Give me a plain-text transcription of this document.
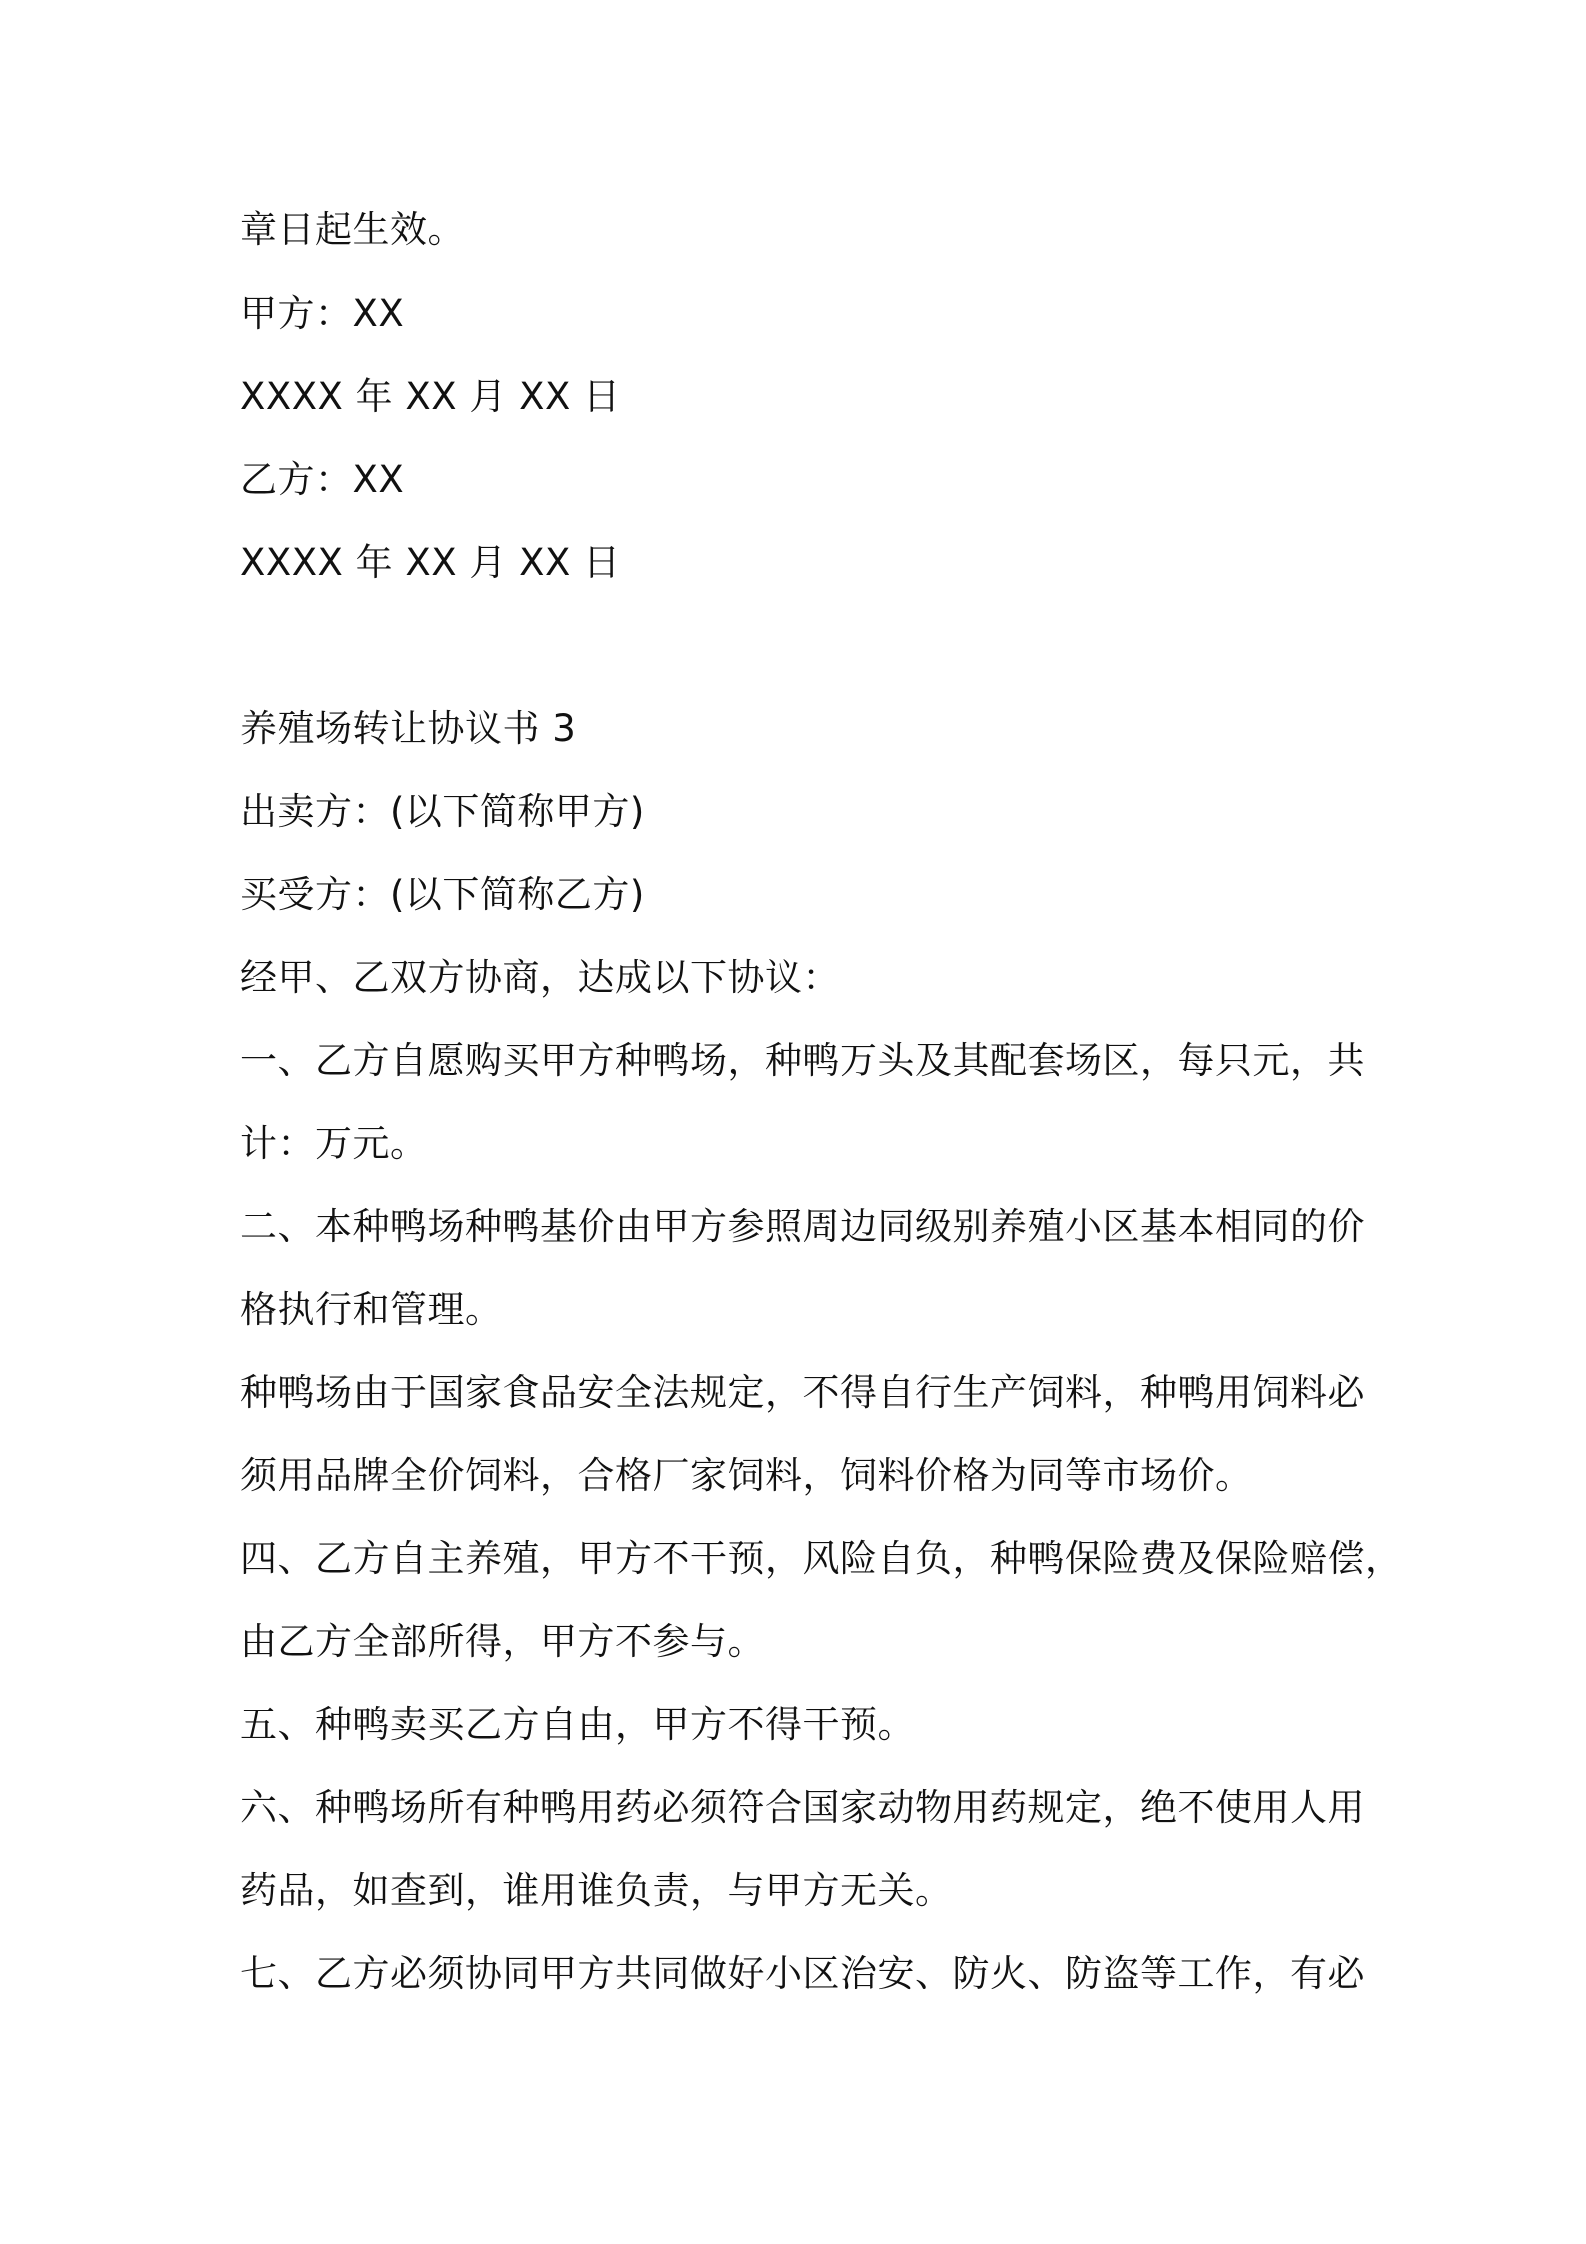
章日起生效。
甲方：XX
XXXX 年 XX 月 XX 日
乙方：XX
XXXX 年 XX 月 XX 日
养殖场转让协议书 3
出卖方：(以下简称甲方)
买受方：(以下简称乙方)
经甲、乙双方协商，达成以下协议：
一、乙方自愿购买甲方种鸭场，种鸭万头及其配套场区，每只元，共
计：万元。
二、本种鸭场种鸭基价由甲方参照周边同级别养殖小区基本相同的价
格执行和管理。
种鸭场由于国家食品安全法规定，不得自行生产饲料，种鸭用饲料必
须用品牌全价饲料，合格厂家饲料，饲料价格为同等市场价。
四、乙方自主养殖，甲方不干预，风险自负，种鸭保险费及保险赔偿，
由乙方全部所得，甲方不参与。
五、种鸭卖买乙方自由，甲方不得干预。
六、种鸭场所有种鸭用药必须符合国家动物用药规定，绝不使用人用
药品，如查到，谁用谁负责，与甲方无关。
七、乙方必须协同甲方共同做好小区治安、防火、防盗等工作，有必
